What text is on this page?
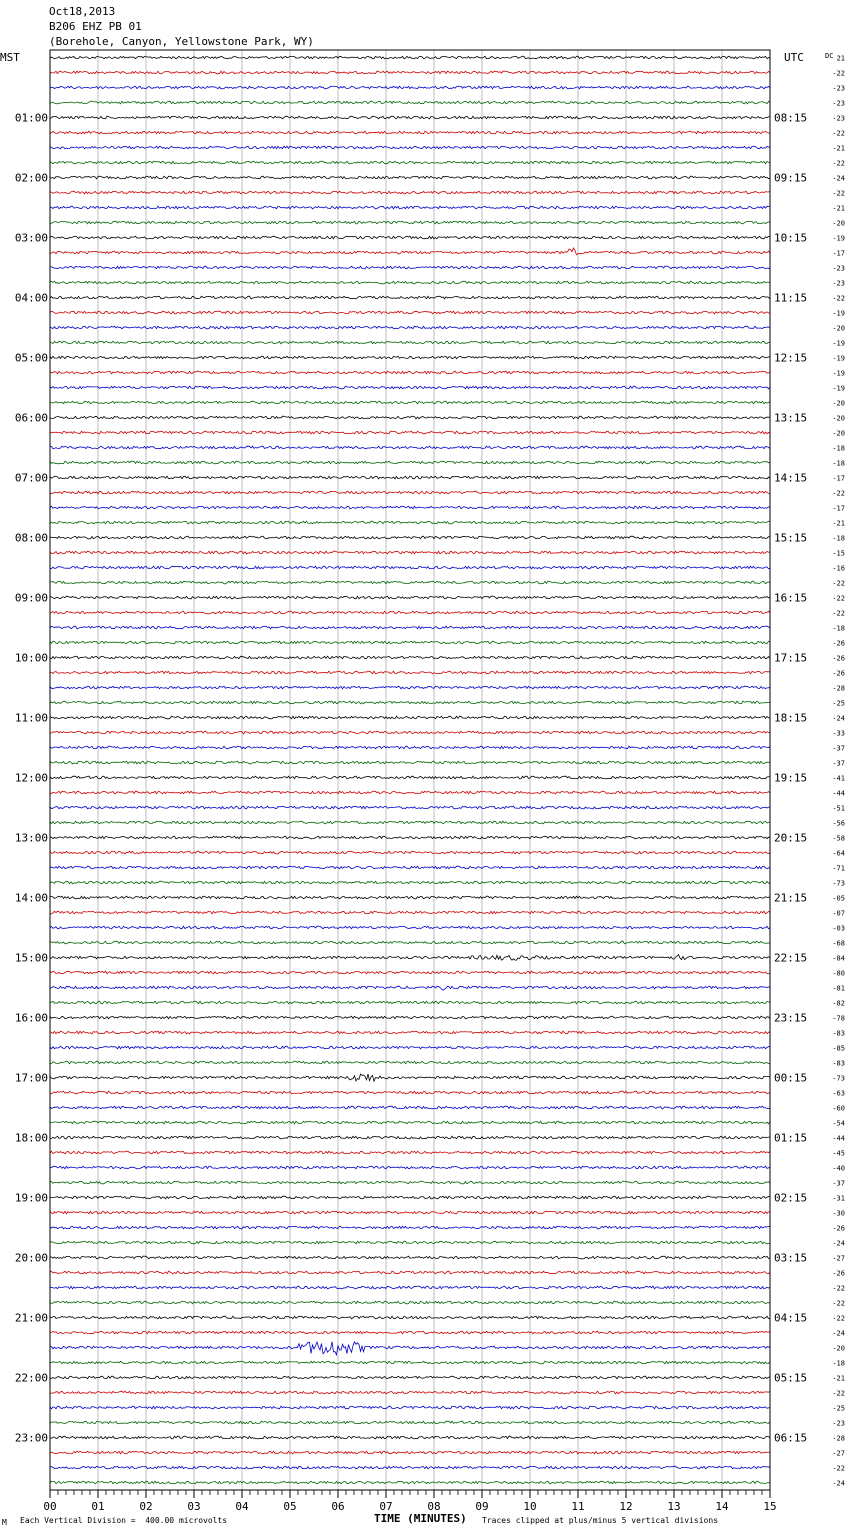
Oct18,2013
B206 EHZ PB 01
(Borehole, Canyon, Yellowstone Park, WY)
01:00
02:00
03:00
04:00
05:00
06:00
07:00
08:00
09:00
10:00
11:00
12:00
13:00
14:00
15:00
16:00
17:00
18:00
19:00
20:00
21:00
22:00
23:00
08:15
09:15
10:15
11:15
12:15
13:15
14:15
15:15
16:15
17:15
18:15
19:15
20:15
21:15
22:15
23:15
00:15
01:15
02:15
03:15
04:15
05:15
06:15
21
-22
-23
-23
-23
-22
-21
-22
-24
-22
-21
-20
-19
-17
-23
-23
-22
-19
-20
-19
-19
-19
-19
-20
-20
-20
-18
-18
-17
-22
-17
-21
-18
-15
-16
-22
-22
-22
-18
-26
-26
-26
-28
-25
-24
-33
-37
-37
-41
-44
-51
-56
-58
-64
-71
-73
-05
-07
-03
-68
-84
-80
-81
-82
-78
-83
-85
-83
-73
-63
-60
-54
-44
-45
-40
-37
-31
-30
-26
-24
-27
-26
-22
-22
-22
-24
-20
-18
-21
-22
-25
-23
-28
-27
-22
-24
00	01	02	03	04	05	06	07	08	09	10	11	12	13	14	15
MST	UTC	DC
M Each Vertical Division =  400.00 microvolts	TIME (MINUTES) Traces clipped at plus/minus 5 vertical divisions
